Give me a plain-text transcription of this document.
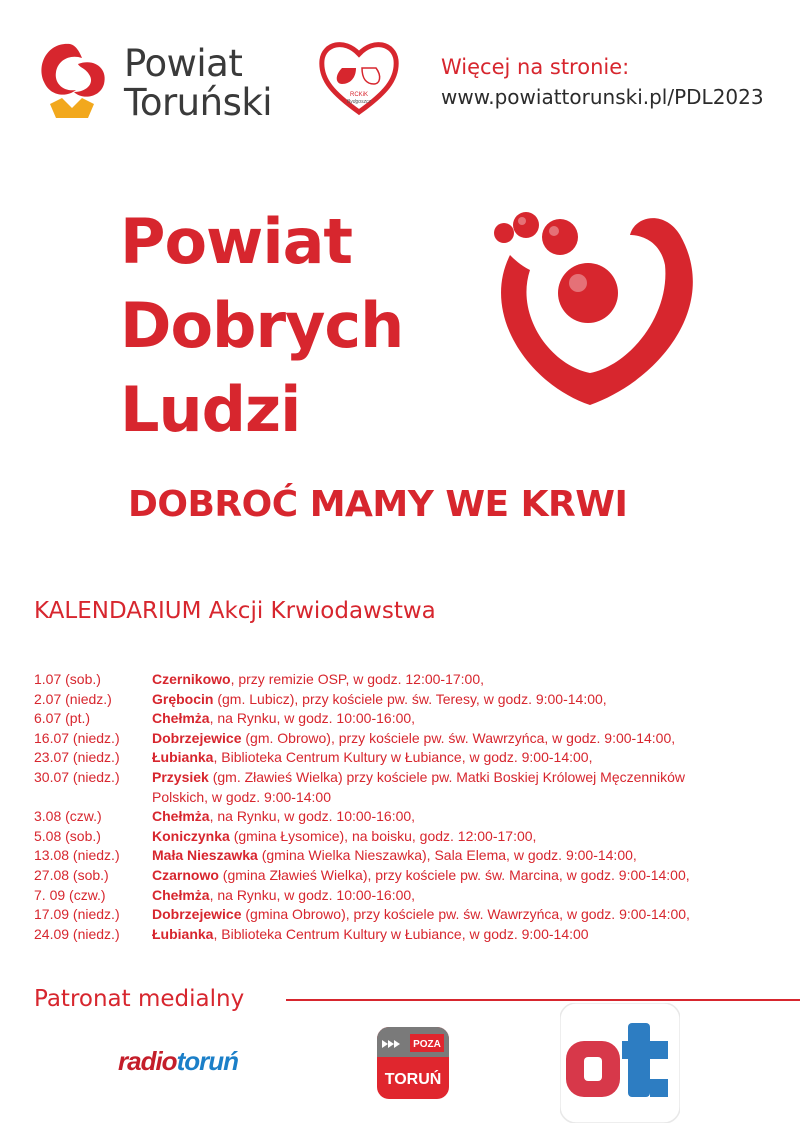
Powiat
Toruński	RCKiK
Bydgoszcz
Więcej na stronie:
www.powiattorunski.pl/PDL2023
Powiat
Dobrych
Ludzi
DOBROĆ MAMY WE KRWI
KALENDARIUM Akcji Krwiodawstwa
1.07 (sob.)	Czernikowo, przy remizie OSP, w godz. 12:00-17:00,
2.07 (niedz.)	Grębocin (gm. Lubicz), przy kościele pw. św. Teresy, w godz. 9:00-14:00,
6.07 (pt.)	Chełmża, na Rynku, w godz. 10:00-16:00,
16.07 (niedz.)	Dobrzejewice (gm. Obrowo), przy kościele pw. św. Wawrzyńca, w godz. 9:00-14:00,
23.07 (niedz.)	Łubianka, Biblioteka Centrum Kultury w Łubiance, w godz. 9:00-14:00,
30.07 (niedz.)	Przysiek (gm. Zławieś Wielka) przy kościele pw. Matki Boskiej Królowej Męczenników
Polskich, w godz. 9:00-14:00
3.08 (czw.)	Chełmża, na Rynku, w godz. 10:00-16:00,
5.08 (sob.)	Koniczynka (gmina Łysomice), na boisku, godz. 12:00-17:00,
13.08 (niedz.)	Mała Nieszawka (gmina Wielka Nieszawka), Sala Elema, w godz. 9:00-14:00,
27.08 (sob.)	Czarnowo (gmina Zławieś Wielka), przy kościele pw. św. Marcina, w godz. 9:00-14:00,
7. 09 (czw.)	Chełmża, na Rynku, w godz. 10:00-16:00,
17.09 (niedz.)	Dobrzejewice (gmina Obrowo), przy kościele pw. św. Wawrzyńca, w godz. 9:00-14:00,
24.09 (niedz.)	Łubianka, Biblioteka Centrum Kultury w Łubiance, w godz. 9:00-14:00
Patronat medialny
radiotoruń
POZA
TORUŃ
